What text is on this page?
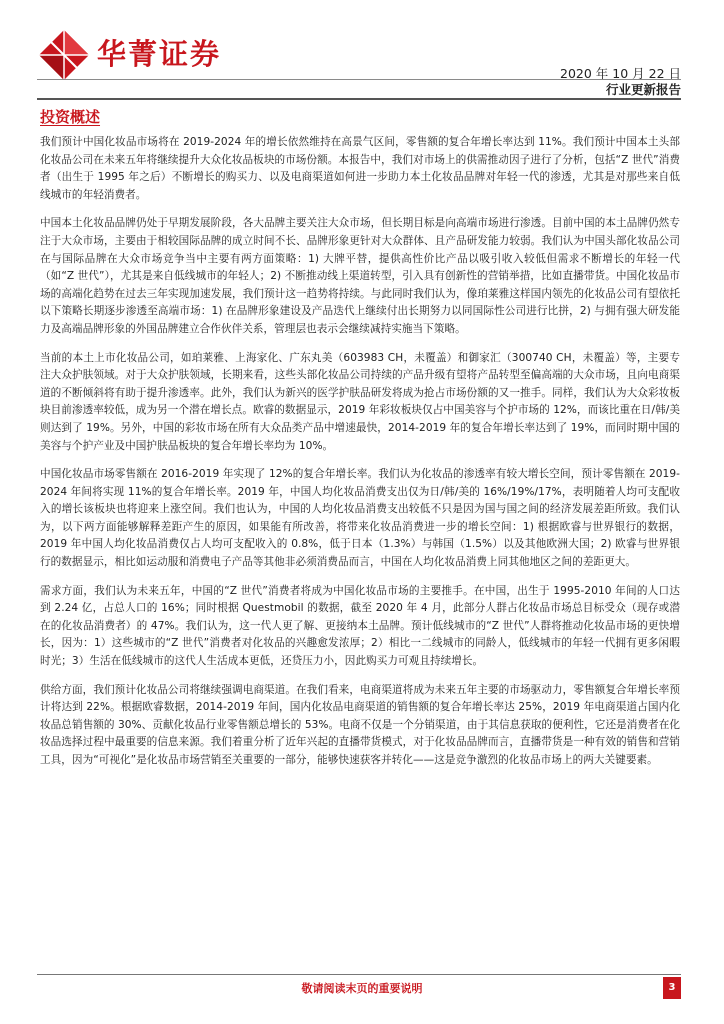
华菁证券
2020 年 10 月 22 日
行业更新报告
投资概述

我们预计中国化妆品市场将在 2019-2024 年的增长依然维持在高景气区间，零售额的复合年增长率达到 11%。我们预计中国本土头部化妆品公司在未来五年将继续提升大众化妆品板块的市场份额。本报告中，我们对市场上的供需推动因子进行了分析，包括“Z 世代”消费者（出生于 1995 年之后）不断增长的购买力、以及电商渠道如何进一步助力本土化妆品品牌对年轻一代的渗透，尤其是对那些来自低线城市的年轻消费者。

中国本土化妆品品牌仍处于早期发展阶段，各大品牌主要关注大众市场，但长期目标是向高端市场进行渗透。目前中国的本土品牌仍然专注于大众市场，主要由于相较国际品牌的成立时间不长、品牌形象更针对大众群体、且产品研发能力较弱。我们认为中国头部化妆品公司在与国际品牌在大众市场竞争当中主要有两方面策略：1) 大牌平替，提供高性价比产品以吸引收入较低但需求不断增长的年轻一代（如“Z 世代”），尤其是来自低线城市的年轻人；2) 不断推动线上渠道转型，引入具有创新性的营销举措，比如直播带货。中国化妆品市场的高端化趋势在过去三年实现加速发展，我们预计这一趋势将持续。与此同时我们认为，像珀莱雅这样国内领先的化妆品公司有望依托以下策略长期逐步渗透至高端市场：1) 在品牌形象建设及产品迭代上继续付出长期努力以同国际性公司进行比拼，2) 与拥有强大研发能力及高端品牌形象的外国品牌建立合作伙伴关系，管理层也表示会继续减持实施当下策略。

当前的本土上市化妆品公司，如珀莱雅、上海家化、广东丸美（603983 CH，未覆盖）和御家汇（300740 CH，未覆盖）等，主要专注大众护肤领域。对于大众护肤领域，长期来看，这些头部化妆品公司持续的产品升级有望将产品转型至偏高端的大众市场，且向电商渠道的不断倾斜将有助于提升渗透率。此外，我们认为新兴的医学护肤品研发将成为抢占市场份额的又一推手。同样，我们认为大众彩妆板块目前渗透率较低，成为另一个潜在增长点。欧睿的数据显示，2019 年彩妆板块仅占中国美容与个护市场的 12%，而该比重在日/韩/美则达到了 19%。另外，中国的彩妆市场在所有大众品类产品中增速最快，2014-2019 年的复合年增长率达到了 19%，而同时期中国的美容与个护产业及中国护肤品板块的复合年增长率均为 10%。

中国化妆品市场零售额在 2016-2019 年实现了 12%的复合年增长率。我们认为化妆品的渗透率有较大增长空间，预计零售额在 2019-2024 年间将实现 11%的复合年增长率。2019 年，中国人均化妆品消费支出仅为日/韩/美的 16%/19%/17%，表明随着人均可支配收入的增长该板块也将迎来上涨空间。我们也认为，中国的人均化妆品消费支出较低不只是因为国与国之间的经济发展差距所致。我们认为，以下两方面能够解释差距产生的原因，如果能有所改善，将带来化妆品消费进一步的增长空间：1) 根据欧睿与世界银行的数据，2019 年中国人均化妆品消费仅占人均可支配收入的 0.8%，低于日本（1.3%）与韩国（1.5%）以及其他欧洲大国；2) 欧睿与世界银行的数据显示，相比如运动服和消费电子产品等其他非必须消费品而言，中国在人均化妆品消费上同其他地区之间的差距更大。

需求方面，我们认为未来五年，中国的“Z 世代”消费者将成为中国化妆品市场的主要推手。在中国，出生于 1995-2010 年间的人口达到 2.24 亿，占总人口的 16%；同时根据 Questmobil 的数据，截至 2020 年 4 月，此部分人群占化妆品市场总目标受众（现存或潜在的化妆品消费者）的 47%。我们认为，这一代人更了解、更接纳本土品牌。预计低线城市的“Z 世代”人群将推动化妆品市场的更快增长，因为：1）这些城市的“Z 世代”消费者对化妆品的兴趣愈发浓厚；2）相比一二线城市的同龄人，低线城市的年轻一代拥有更多闲暇时光；3）生活在低线城市的这代人生活成本更低，还贷压力小，因此购买力可观且持续增长。

供给方面，我们预计化妆品公司将继续强调电商渠道。在我们看来，电商渠道将成为未来五年主要的市场驱动力，零售额复合年增长率预计将达到 22%。根据欧睿数据，2014-2019 年间，国内化妆品电商渠道的销售额的复合年增长率达 25%，2019 年电商渠道占国内化妆品总销售额的 30%、贡献化妆品行业零售额总增长的 53%。电商不仅是一个分销渠道，由于其信息获取的便利性，它还是消费者在化妆品选择过程中最重要的信息来源。我们着重分析了近年兴起的直播带货模式，对于化妆品品牌而言，直播带货是一种有效的销售和营销工具，因为“可视化”是化妆品市场营销至关重要的一部分，能够快速获客并转化——这是竞争激烈的化妆品市场上的两大关键要素。

敬请阅读末页的重要说明	3
